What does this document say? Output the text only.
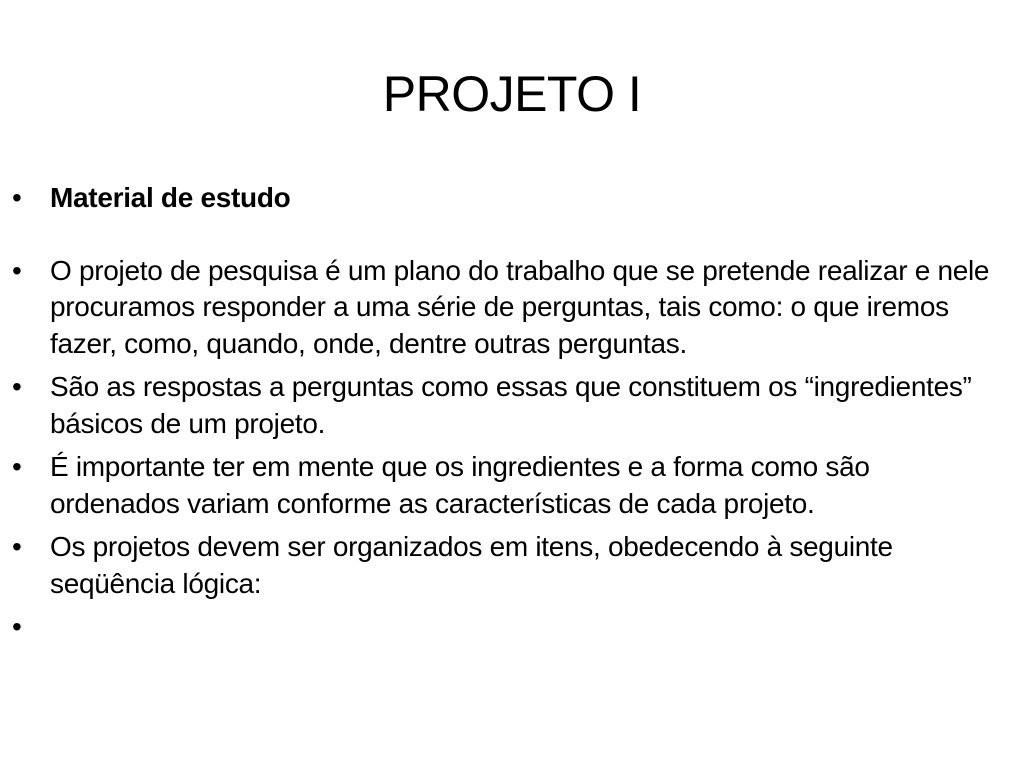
PROJETO I
•	Material de estudo
•	O projeto de pesquisa é um plano do trabalho que se pretende realizar e nele procuramos responder a uma série de perguntas, tais como: o que iremos fazer, como, quando, onde, dentre outras perguntas.
•	São as respostas a perguntas como essas que constituem os “ingredientes” básicos de um projeto.
•	É importante ter em mente que os ingredientes e a forma como são ordenados variam conforme as características de cada projeto.
•	Os projetos devem ser organizados em itens, obedecendo à seguinte seqüência lógica:
•
